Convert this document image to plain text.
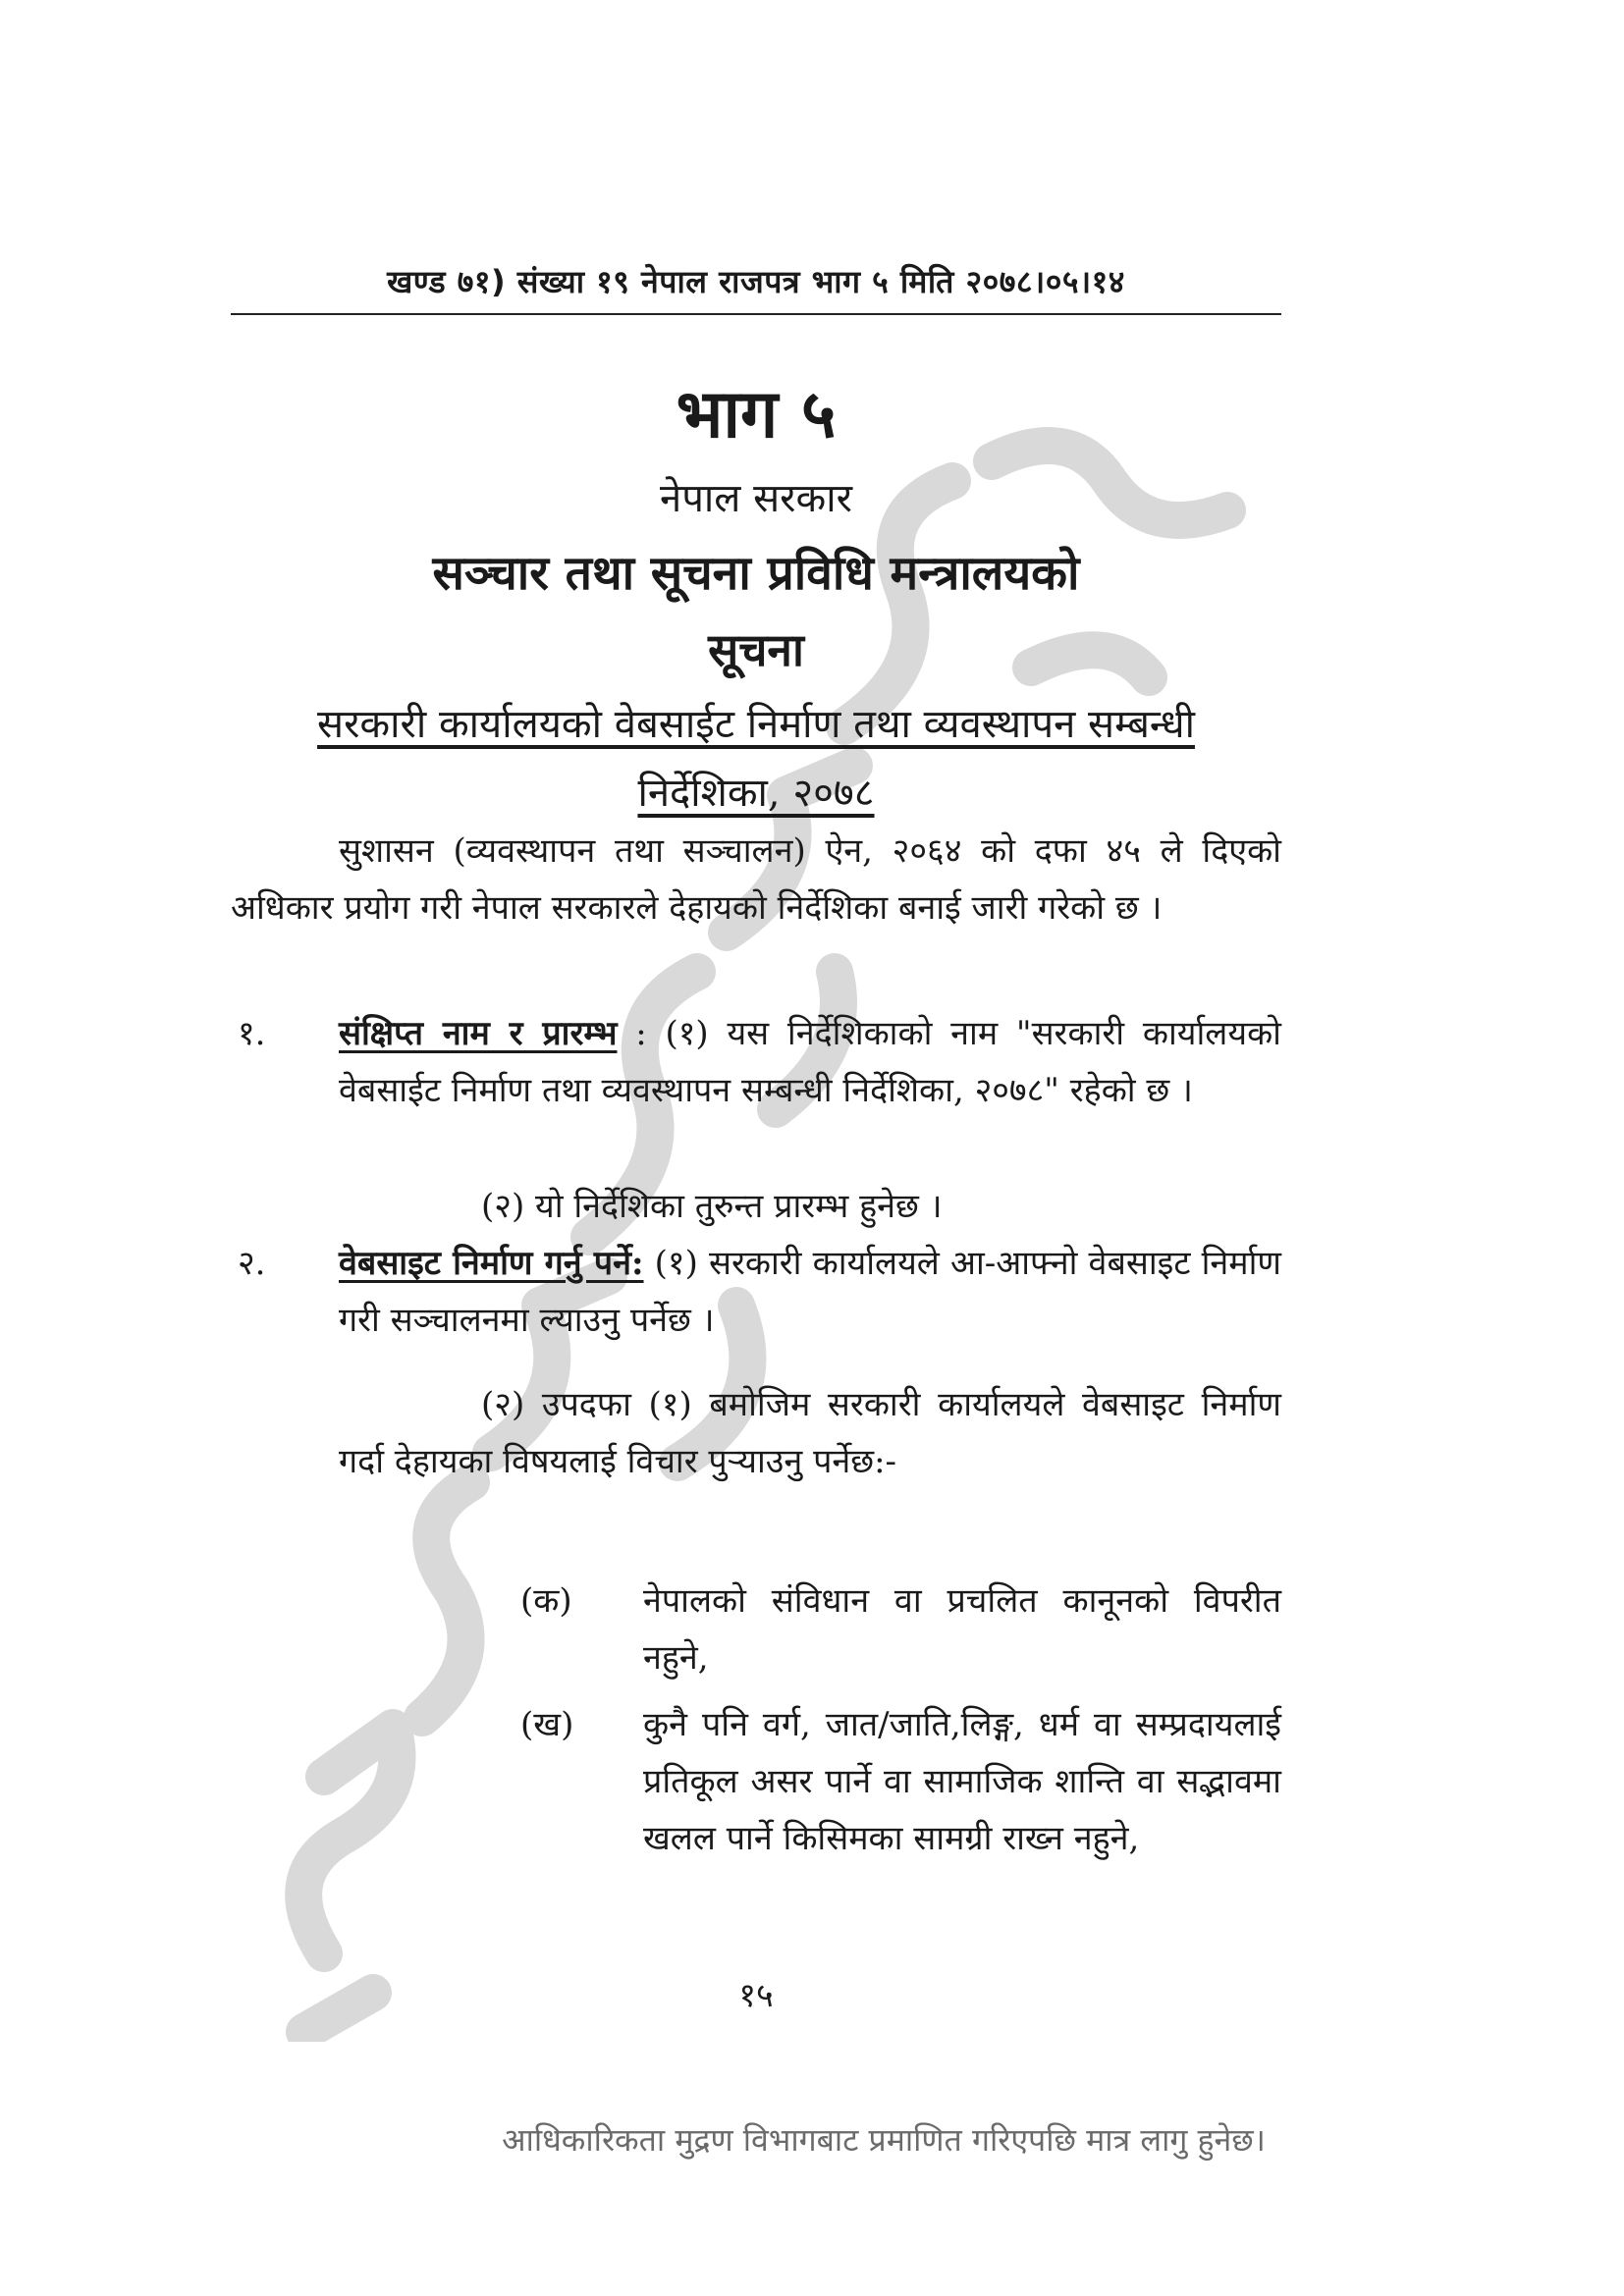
खण्ड ७१) संख्या १९ नेपाल राजपत्र भाग ५ मिति २०७८।०५।१४
भाग ५
नेपाल सरकार
सञ्चार तथा सूचना प्रविधि मन्त्रालयको
सूचना
सरकारी कार्यालयको वेबसाईट निर्माण तथा व्यवस्थापन सम्बन्धी
निर्देशिका, २०७८
सुशासन (व्यवस्थापन तथा सञ्चालन) ऐन, २०६४ को दफा ४५ ले दिएको अधिकार प्रयोग गरी नेपाल सरकारले देहायको निर्देशिका बनाई जारी गरेको छ ।
१. संक्षिप्त नाम र प्रारम्भ : (१) यस निर्देशिकाको नाम "सरकारी कार्यालयको वेबसाईट निर्माण तथा व्यवस्थापन सम्बन्धी निर्देशिका, २०७८" रहेको छ ।
(२) यो निर्देशिका तुरुन्त प्रारम्भ हुनेछ ।
२. वेबसाइट निर्माण गर्नु पर्ने: (१) सरकारी कार्यालयले आ-आफ्नो वेबसाइट निर्माण गरी सञ्चालनमा ल्याउनु पर्नेछ ।
(२) उपदफा (१) बमोजिम सरकारी कार्यालयले वेबसाइट निर्माण गर्दा देहायका विषयलाई विचार पुऱ्याउनु पर्नेछ:-
(क) नेपालको संविधान वा प्रचलित कानूनको विपरीत नहुने,
(ख) कुनै पनि वर्ग, जात/जाति,लिङ्ग, धर्म वा सम्प्रदायलाई प्रतिकूल असर पार्ने वा सामाजिक शान्ति वा सद्भावमा खलल पार्ने किसिमका सामग्री राख्न नहुने,
१५
आधिकारिकता मुद्रण विभागबाट प्रमाणित गरिएपछि मात्र लागु हुनेछ।
